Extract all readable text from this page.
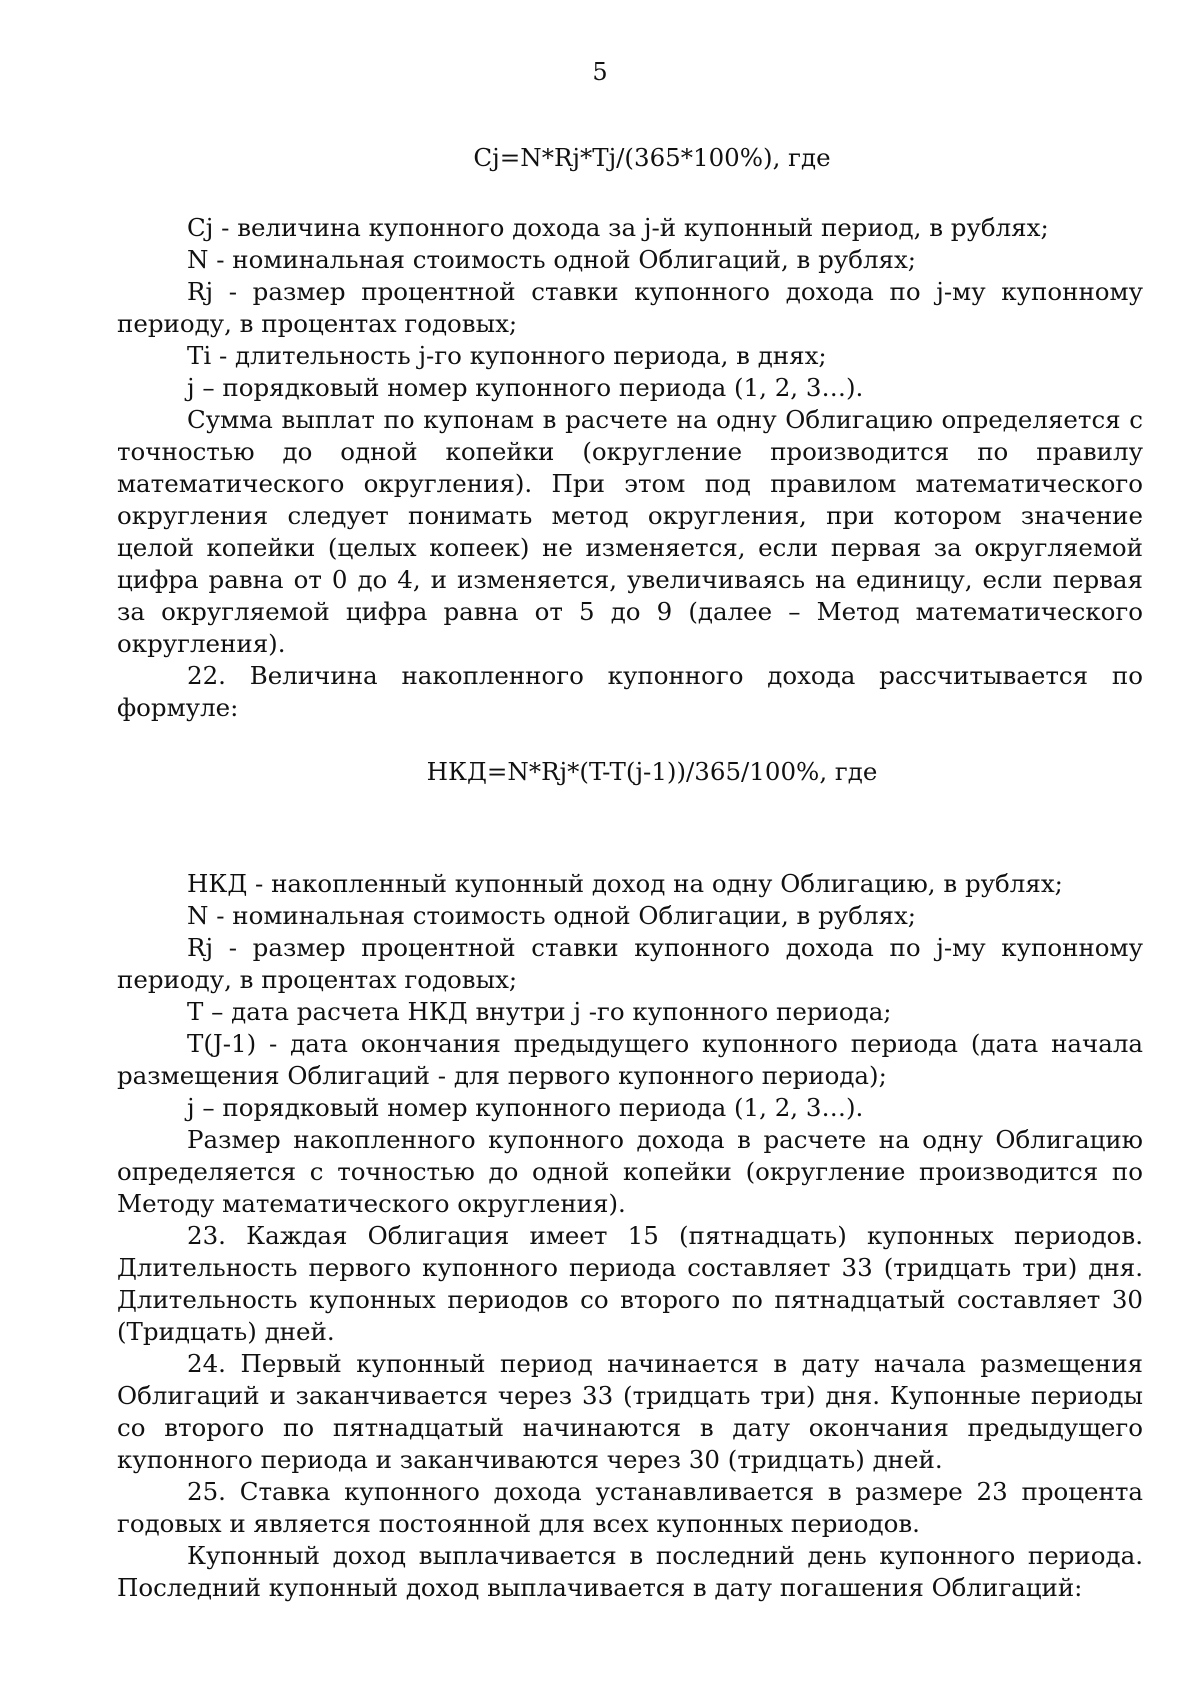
5
Cj=N*Rj*Tj/(365*100%), где

Cj - величина купонного дохода за j-й купонный период, в рублях;

N - номинальная стоимость одной Облигаций, в рублях;

Rj - размер процентной ставки купонного дохода по j-му купонному периоду, в процентах годовых;

Ti - длительность j-го купонного периода, в днях;

j – порядковый номер купонного периода (1, 2, 3…).

Сумма выплат по купонам в расчете на одну Облигацию определяется с точностью до одной копейки (округление производится по правилу математического округления). При этом под правилом математического округления следует понимать метод округления, при котором значение целой копейки (целых копеек) не изменяется, если первая за округляемой цифра равна от 0 до 4, и изменяется, увеличиваясь на единицу, если первая за округляемой цифра равна от 5 до 9 (далее – Метод математического округления).

22. Величина накопленного купонного дохода рассчитывается по формуле:

НКД=N*Rj*(T-T(j-1))/365/100%, где

НКД - накопленный купонный доход на одну Облигацию, в рублях;

N - номинальная стоимость одной Облигации, в рублях;

Rj - размер процентной ставки купонного дохода по j-му купонному периоду, в процентах годовых;

T – дата расчета НКД внутри j -го купонного периода;

T(J-1) - дата окончания предыдущего купонного периода (дата начала размещения Облигаций - для первого купонного периода);

j – порядковый номер купонного периода (1, 2, 3…).

Размер накопленного купонного дохода в расчете на одну Облигацию определяется с точностью до одной копейки (округление производится по Методу математического округления).

23. Каждая Облигация имеет 15 (пятнадцать) купонных периодов. Длительность первого купонного периода составляет 33 (тридцать три) дня. Длительность купонных периодов со второго по пятнадцатый составляет 30 (Тридцать) дней.

24. Первый купонный период начинается в дату начала размещения Облигаций и заканчивается через 33 (тридцать три) дня. Купонные периоды со второго по пятнадцатый начинаются в дату окончания предыдущего купонного периода и заканчиваются через 30 (тридцать) дней.

25. Ставка купонного дохода устанавливается в размере 23 процента годовых и является постоянной для всех купонных периодов.

Купонный доход выплачивается в последний день купонного периода. Последний купонный доход выплачивается в дату погашения Облигаций:
